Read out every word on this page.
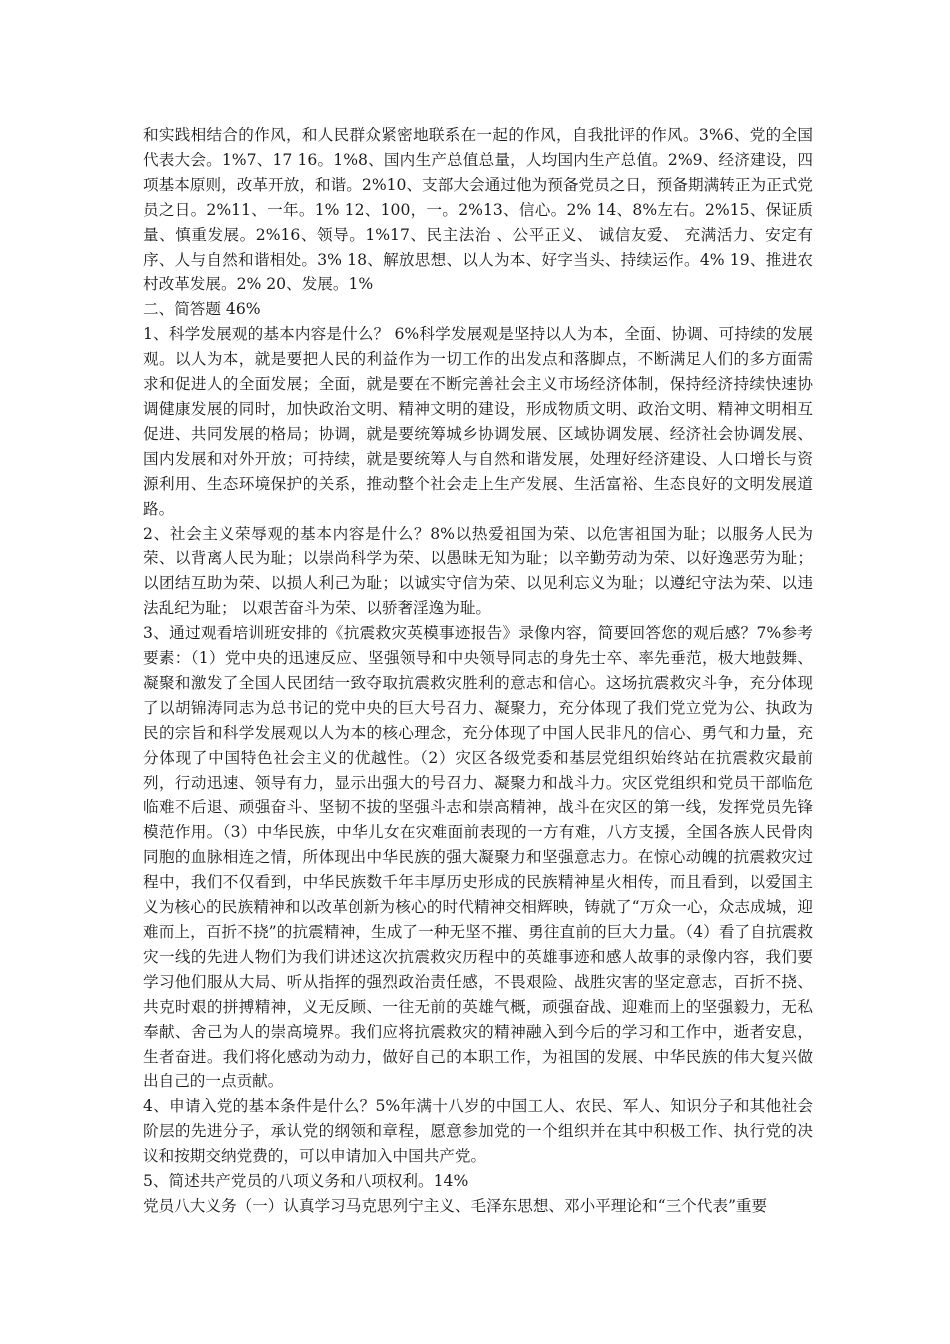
和实践相结合的作风，和人民群众紧密地联系在一起的作风，自我批评的作风。3%6、党的全国代表大会。1%7、17 16。1%8、国内生产总值总量，人均国内生产总值。2%9、经济建设，四项基本原则，改革开放，和谐。2%10、支部大会通过他为预备党员之日，预备期满转正为正式党员之日。2%11、一年。1% 12、100，一。2%13、信心。2% 14、8%左右。2%15、保证质量、慎重发展。2%16、领导。1%17、民主法治 、公平正义、 诚信友爱、 充满活力、安定有序、人与自然和谐相处。3% 18、解放思想、以人为本、好字当头、持续运作。4% 19、推进农村改革发展。2% 20、发展。1%

二、简答题 46%

1、科学发展观的基本内容是什么？ 6%科学发展观是坚持以人为本，全面、协调、可持续的发展观。以人为本，就是要把人民的利益作为一切工作的出发点和落脚点，不断满足人们的多方面需求和促进人的全面发展；全面，就是要在不断完善社会主义市场经济体制，保持经济持续快速协调健康发展的同时，加快政治文明、精神文明的建设，形成物质文明、政治文明、精神文明相互促进、共同发展的格局；协调，就是要统筹城乡协调发展、区域协调发展、经济社会协调发展、国内发展和对外开放；可持续，就是要统筹人与自然和谐发展，处理好经济建设、人口增长与资源利用、生态环境保护的关系，推动整个社会走上生产发展、生活富裕、生态良好的文明发展道路。

2、社会主义荣辱观的基本内容是什么？8%以热爱祖国为荣、以危害祖国为耻；以服务人民为荣、以背离人民为耻；以崇尚科学为荣、以愚昧无知为耻；以辛勤劳动为荣、以好逸恶劳为耻；以团结互助为荣、以损人利己为耻；以诚实守信为荣、以见利忘义为耻；以遵纪守法为荣、以违法乱纪为耻； 以艰苦奋斗为荣、以骄奢淫逸为耻。

3、通过观看培训班安排的《抗震救灾英模事迹报告》录像内容，简要回答您的观后感？7%参考要素：（1）党中央的迅速反应、坚强领导和中央领导同志的身先士卒、率先垂范，极大地鼓舞、凝聚和激发了全国人民团结一致夺取抗震救灾胜利的意志和信心。这场抗震救灾斗争，充分体现了以胡锦涛同志为总书记的党中央的巨大号召力、凝聚力，充分体现了我们党立党为公、执政为民的宗旨和科学发展观以人为本的核心理念，充分体现了中国人民非凡的信心、勇气和力量，充分体现了中国特色社会主义的优越性。（2）灾区各级党委和基层党组织始终站在抗震救灾最前列，行动迅速、领导有力，显示出强大的号召力、凝聚力和战斗力。灾区党组织和党员干部临危临难不后退、顽强奋斗、坚韧不拔的坚强斗志和崇高精神，战斗在灾区的第一线，发挥党员先锋模范作用。（3）中华民族，中华儿女在灾难面前表现的一方有难，八方支援，全国各族人民骨肉同胞的血脉相连之情，所体现出中华民族的强大凝聚力和坚强意志力。在惊心动魄的抗震救灾过程中，我们不仅看到，中华民族数千年丰厚历史形成的民族精神星火相传，而且看到，以爱国主义为核心的民族精神和以改革创新为核心的时代精神交相辉映，铸就了“万众一心，众志成城，迎难而上，百折不挠”的抗震精神，生成了一种无坚不摧、勇往直前的巨大力量。（4）看了自抗震救灾一线的先进人物们为我们讲述这次抗震救灾历程中的英雄事迹和感人故事的录像内容，我们要学习他们服从大局、听从指挥的强烈政治责任感，不畏艰险、战胜灾害的坚定意志，百折不挠、共克时艰的拼搏精神，义无反顾、一往无前的英雄气概，顽强奋战、迎难而上的坚强毅力，无私奉献、舍己为人的崇高境界。我们应将抗震救灾的精神融入到今后的学习和工作中，逝者安息，生者奋进。我们将化感动为动力，做好自己的本职工作，为祖国的发展、中华民族的伟大复兴做出自己的一点贡献。

4、申请入党的基本条件是什么？5%年满十八岁的中国工人、农民、军人、知识分子和其他社会阶层的先进分子，承认党的纲领和章程，愿意参加党的一个组织并在其中积极工作、执行党的决议和按期交纳党费的，可以申请加入中国共产党。

5、简述共产党员的八项义务和八项权利。14%

党员八大义务（一）认真学习马克思列宁主义、毛泽东思想、邓小平理论和“三个代表”重要
